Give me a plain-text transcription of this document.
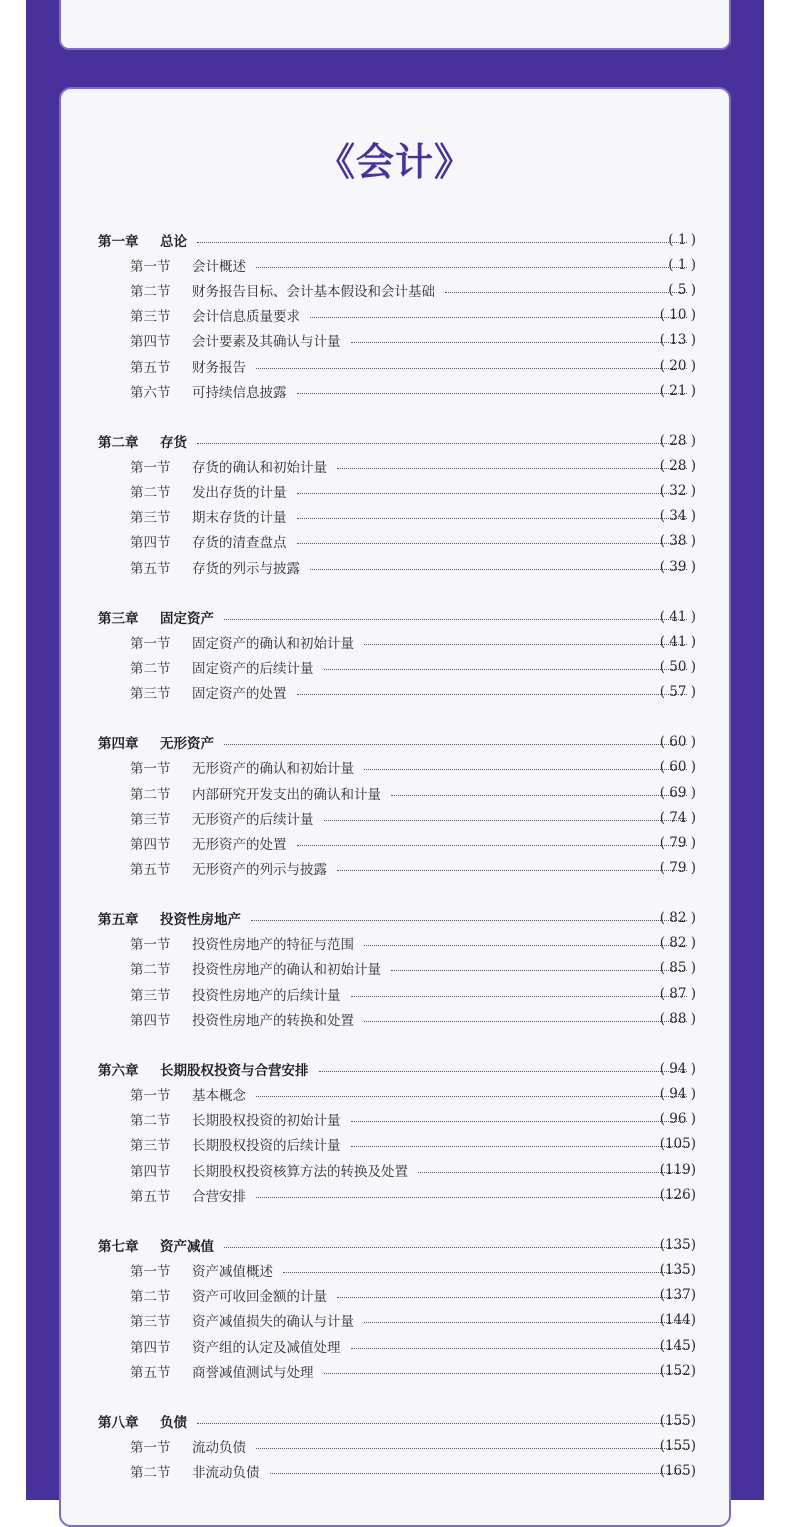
《会计》
第一章	总论	( 1 )
第一节	会计概述	( 1 )
第二节	财务报告目标、会计基本假设和会计基础	( 5 )
第三节	会计信息质量要求	( 10 )
第四节	会计要素及其确认与计量	( 13 )
第五节	财务报告	( 20 )
第六节	可持续信息披露	( 21 )
第二章	存货	( 28 )
第一节	存货的确认和初始计量	( 28 )
第二节	发出存货的计量	( 32 )
第三节	期末存货的计量	( 34 )
第四节	存货的清查盘点	( 38 )
第五节	存货的列示与披露	( 39 )
第三章	固定资产	( 41 )
第一节	固定资产的确认和初始计量	( 41 )
第二节	固定资产的后续计量	( 50 )
第三节	固定资产的处置	( 57 )
第四章	无形资产	( 60 )
第一节	无形资产的确认和初始计量	( 60 )
第二节	内部研究开发支出的确认和计量	( 69 )
第三节	无形资产的后续计量	( 74 )
第四节	无形资产的处置	( 79 )
第五节	无形资产的列示与披露	( 79 )
第五章	投资性房地产	( 82 )
第一节	投资性房地产的特征与范围	( 82 )
第二节	投资性房地产的确认和初始计量	( 85 )
第三节	投资性房地产的后续计量	( 87 )
第四节	投资性房地产的转换和处置	( 88 )
第六章	长期股权投资与合营安排	( 94 )
第一节	基本概念	( 94 )
第二节	长期股权投资的初始计量	( 96 )
第三节	长期股权投资的后续计量	(105)
第四节	长期股权投资核算方法的转换及处置	(119)
第五节	合营安排	(126)
第七章	资产减值	(135)
第一节	资产减值概述	(135)
第二节	资产可收回金额的计量	(137)
第三节	资产减值损失的确认与计量	(144)
第四节	资产组的认定及减值处理	(145)
第五节	商誉减值测试与处理	(152)
第八章	负债	(155)
第一节	流动负债	(155)
第二节	非流动负债	(165)
